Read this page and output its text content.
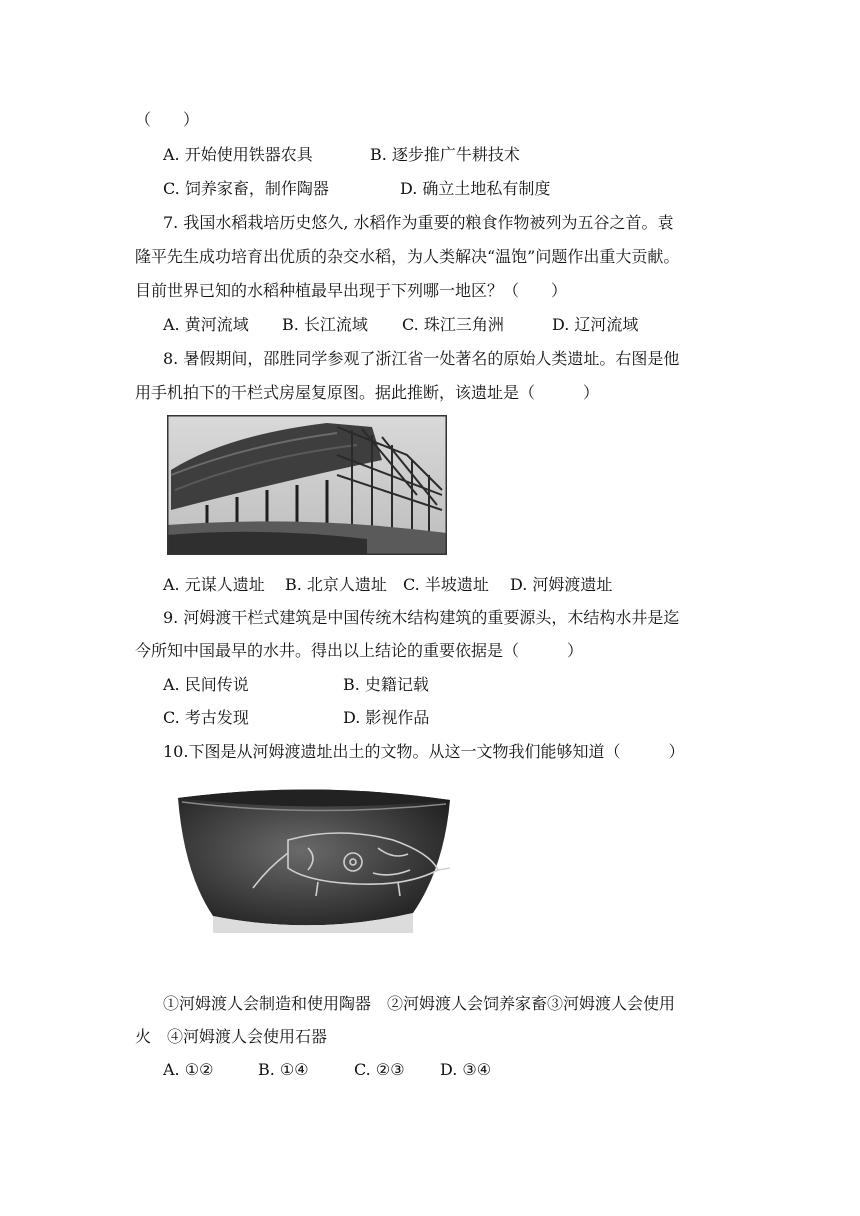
（　　）
A. 开始使用铁器农具	B. 逐步推广牛耕技术
C. 饲养家畜，制作陶器	D. 确立土地私有制度
7. 我国水稻栽培历史悠久, 水稻作为重要的粮食作物被列为五谷之首。袁
隆平先生成功培育出优质的杂交水稻，为人类解决“温饱”问题作出重大贡献。
目前世界已知的水稻种植最早出现于下列哪一地区？（　　）
A. 黄河流域 B. 长江流域 C. 珠江三角洲	D. 辽河流域
8. 暑假期间，邵胜同学参观了浙江省一处著名的原始人类遗址。右图是他
用手机拍下的干栏式房屋复原图。据此推断，该遗址是（　　　）
A. 元谋人遗址 B. 北京人遗址 C. 半坡遗址 D. 河姆渡遗址
9. 河姆渡干栏式建筑是中国传统木结构建筑的重要源头，木结构水井是迄
今所知中国最早的水井。得出以上结论的重要依据是（　　　）
A. 民间传说	B. 史籍记载
C. 考古发现	D. 影视作品
10.下图是从河姆渡遗址出土的文物。从这一文物我们能够知道（　　　）
①河姆渡人会制造和使用陶器　②河姆渡人会饲养家畜③河姆渡人会使用
火　④河姆渡人会使用石器
A. ①②	B. ①④	C. ②③ D. ③④
